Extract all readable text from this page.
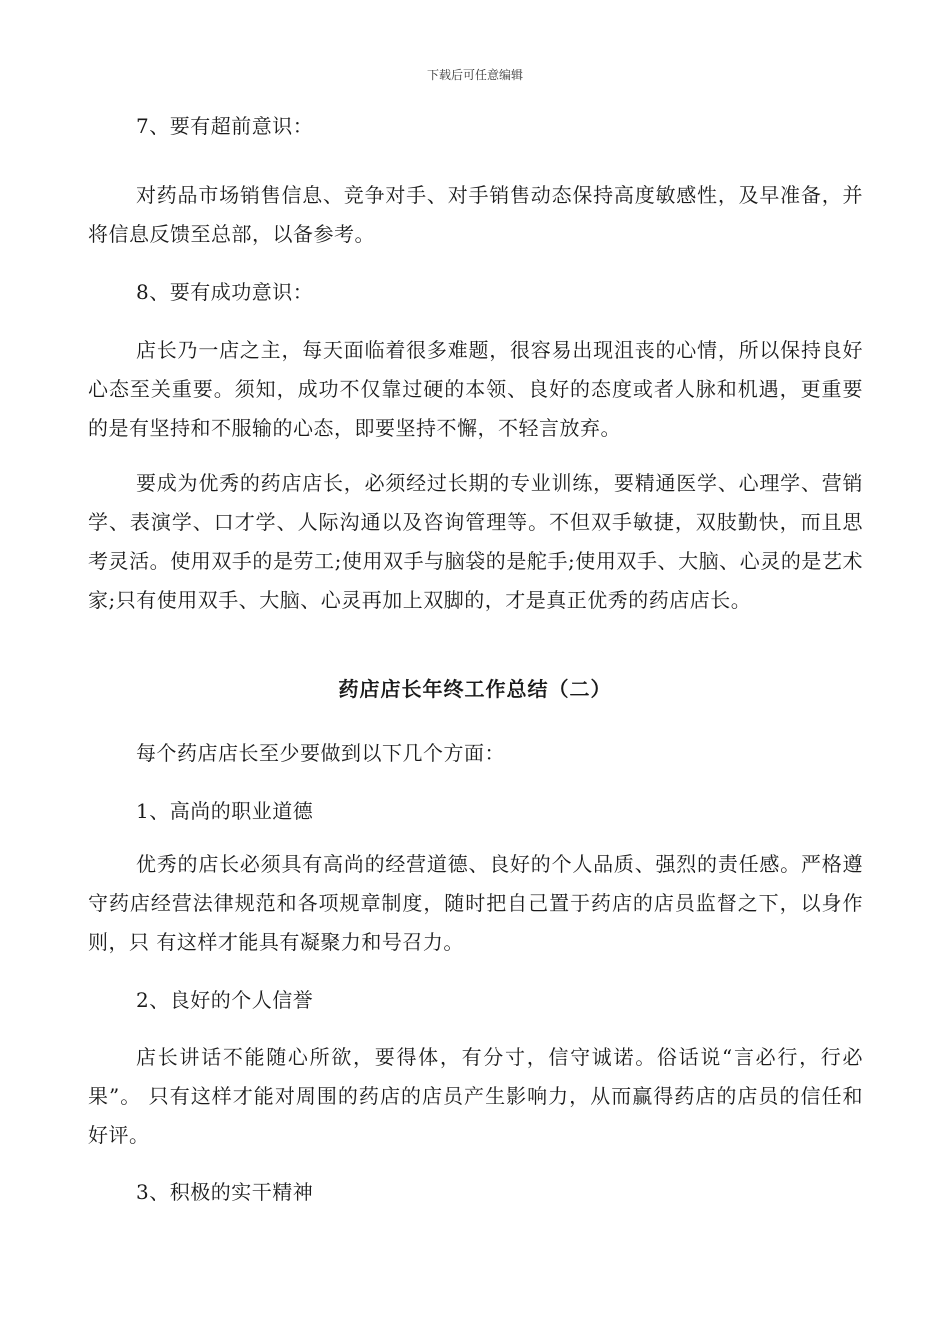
下载后可任意编辑

7、要有超前意识：

对药品市场销售信息、竞争对手、对手销售动态保持高度敏感性，及早准备，并将信息反馈至总部，以备参考。

8、要有成功意识：

店长乃一店之主，每天面临着很多难题，很容易出现沮丧的心情，所以保持良好心态至关重要。须知，成功不仅靠过硬的本领、良好的态度或者人脉和机遇，更重要的是有坚持和不服输的心态，即要坚持不懈，不轻言放弃。

要成为优秀的药店店长，必须经过长期的专业训练，要精通医学、心理学、营销学、表演学、口才学、人际沟通以及咨询管理等。不但双手敏捷，双肢勤快，而且思考灵活。使用双手的是劳工;使用双手与脑袋的是舵手;使用双手、大脑、心灵的是艺术家;只有使用双手、大脑、心灵再加上双脚的，才是真正优秀的药店店长。

药店店长年终工作总结（二）

每个药店店长至少要做到以下几个方面：

1、高尚的职业道德

优秀的店长必须具有高尚的经营道德、良好的个人品质、强烈的责任感。严格遵 守药店经营法律规范和各项规章制度，随时把自己置于药店的店员监督之下，以身作则，只 有这样才能具有凝聚力和号召力。

2、良好的个人信誉

店长讲话不能随心所欲，要得体，有分寸，信守诚诺。俗话说“言必行，行必果”。 只有这样才能对周围的药店的店员产生影响力，从而赢得药店的店员的信任和好评。

3、积极的实干精神
